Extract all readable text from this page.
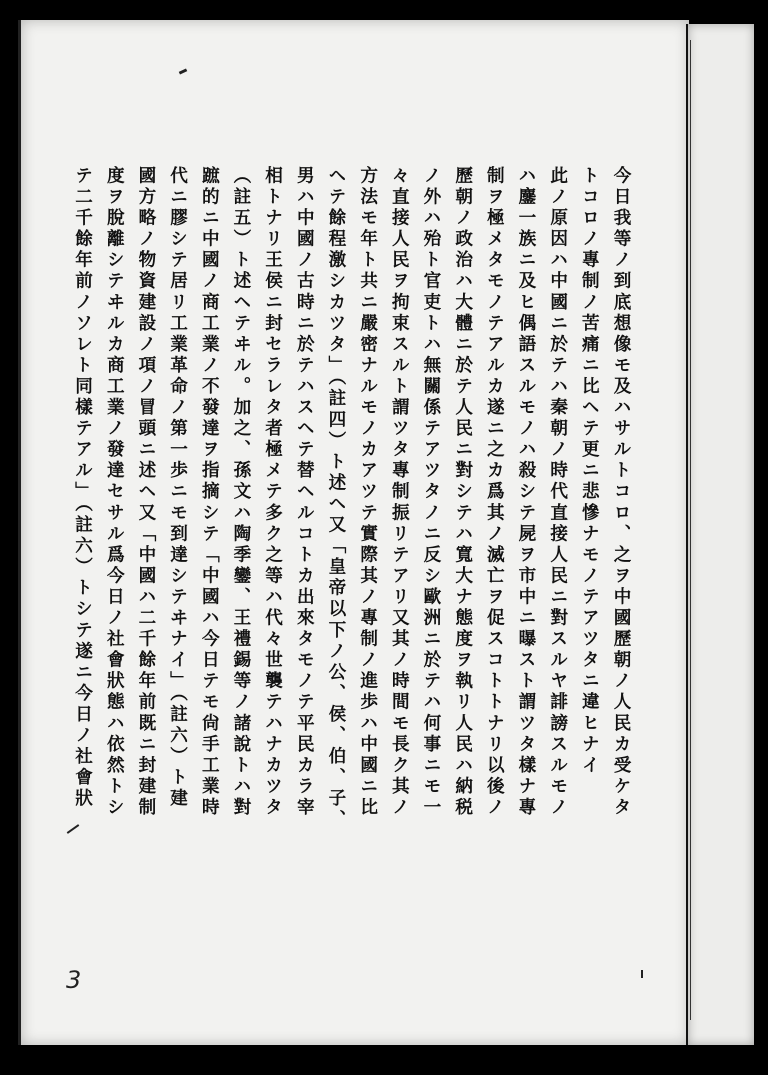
今日我等ノ到底想像モ及ハサルトコロ、之ヲ中國歷朝ノ人民カ受ケタ
トコロノ專制ノ苦痛ニ比ヘテ更ニ悲慘ナモノテアツタニ違ヒナイ
此ノ原因ハ中國ニ於テハ秦朝ノ時代直接人民ニ對スルヤ誹謗スルモノ
ハ鏖一族ニ及ヒ偶語スルモノハ殺シテ屍ヲ市中ニ曝スト謂ツタ樣ナ專
制ヲ極メタモノテアルカ遂ニ之カ爲其ノ滅亡ヲ促スコトトナリ以後ノ
歷朝ノ政治ハ大體ニ於テ人民ニ對シテハ寬大ナ態度ヲ執リ人民ハ納税
ノ外ハ殆ト官吏トハ無關係テアツタノニ反シ歐洲ニ於テハ何事ニモ一
々直接人民ヲ拘束スルト謂ツタ專制振リテアリ又其ノ時間モ長ク其ノ
方法モ年ト共ニ嚴密ナルモノカアツテ實際其ノ專制ノ進歩ハ中國ニ比
ヘテ餘程激シカツタ」（註四）ト述ヘ又「皇帝以下ノ公、侯、伯、子、
男ハ中國ノ古時ニ於テハスヘテ替ヘルコトカ出來タモノテ平民カラ宰
相トナリ王侯ニ封セラレタ者極メテ多ク之等ハ代々世襲テハナカツタ
（註五）ト述ヘテヰル。加之、孫文ハ陶季鑾、王禮錫等ノ諸說トハ對
蹠的ニ中國ノ商工業ノ不發達ヲ指摘シテ「中國ハ今日テモ尙手工業時
代ニ膠シテ居リ工業革命ノ第一歩ニモ到達シテヰナイ」（註六）ト建
國方略ノ物資建設ノ項ノ冒頭ニ述ヘ又「中國ハ二千餘年前既ニ封建制
度ヲ脫離シテヰルカ商工業ノ發達セサル爲今日ノ社會狀態ハ依然トシ
テ二千餘年前ノソレト同樣テアル」（註六）トシテ遂ニ今日ノ社會狀
3
